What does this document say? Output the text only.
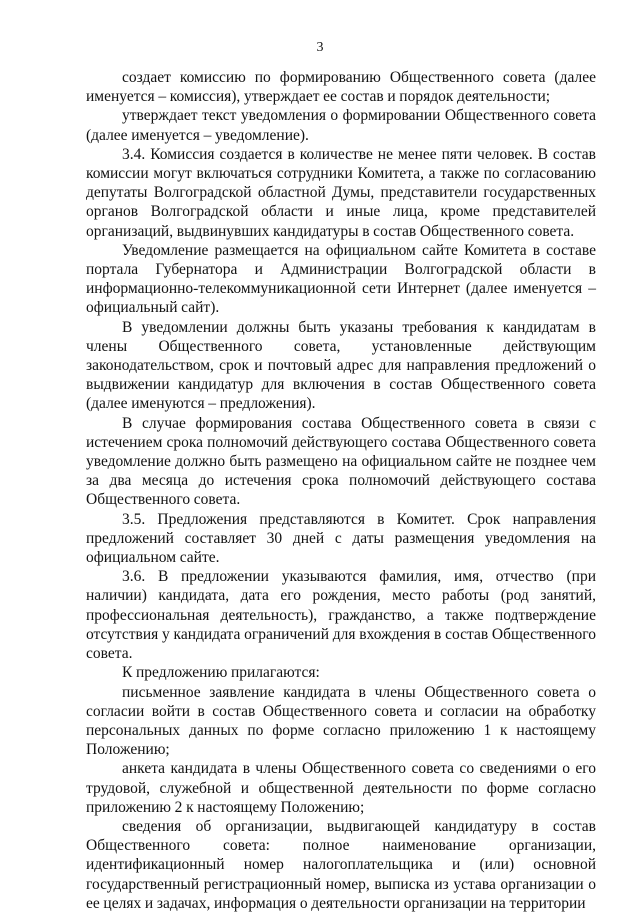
3

создает комиссию по формированию Общественного совета (далее именуется – комиссия), утверждает ее состав и порядок деятельности;

утверждает текст уведомления о формировании Общественного совета (далее именуется – уведомление).

3.4. Комиссия создается в количестве не менее пяти человек. В состав комиссии могут включаться сотрудники Комитета, а также по согласованию депутаты Волгоградской областной Думы, представители государственных органов Волгоградской области и иные лица, кроме представителей организаций, выдвинувших кандидатуры в состав Общественного совета.

Уведомление размещается на официальном сайте Комитета в составе портала Губернатора и Администрации Волгоградской области в информационно-телекоммуникационной сети Интернет (далее именуется – официальный сайт).

В уведомлении должны быть указаны требования к кандидатам в члены Общественного совета, установленные действующим законодательством, срок и почтовый адрес для направления предложений о выдвижении кандидатур для включения в состав Общественного совета (далее именуются – предложения).

В случае формирования состава Общественного совета в связи с истечением срока полномочий действующего состава Общественного совета уведомление должно быть размещено на официальном сайте не позднее чем за два месяца до истечения срока полномочий действующего состава Общественного совета.

3.5. Предложения представляются в Комитет. Срок направления предложений составляет 30 дней с даты размещения уведомления на официальном сайте.

3.6. В предложении указываются фамилия, имя, отчество (при наличии) кандидата, дата его рождения, место работы (род занятий, профессиональная деятельность), гражданство, а также подтверждение отсутствия у кандидата ограничений для вхождения в состав Общественного совета.

К предложению прилагаются:

письменное заявление кандидата в члены Общественного совета о согласии войти в состав Общественного совета и согласии на обработку персональных данных по форме согласно приложению 1 к настоящему Положению;

анкета кандидата в члены Общественного совета со сведениями о его трудовой, служебной и общественной деятельности по форме согласно приложению 2 к настоящему Положению;

сведения об организации, выдвигающей кандидатуру в состав Общественного совета: полное наименование организации, идентификационный номер налогоплательщика и (или) основной государственный регистрационный номер, выписка из устава организации о ее целях и задачах, информация о деятельности организации на территории
